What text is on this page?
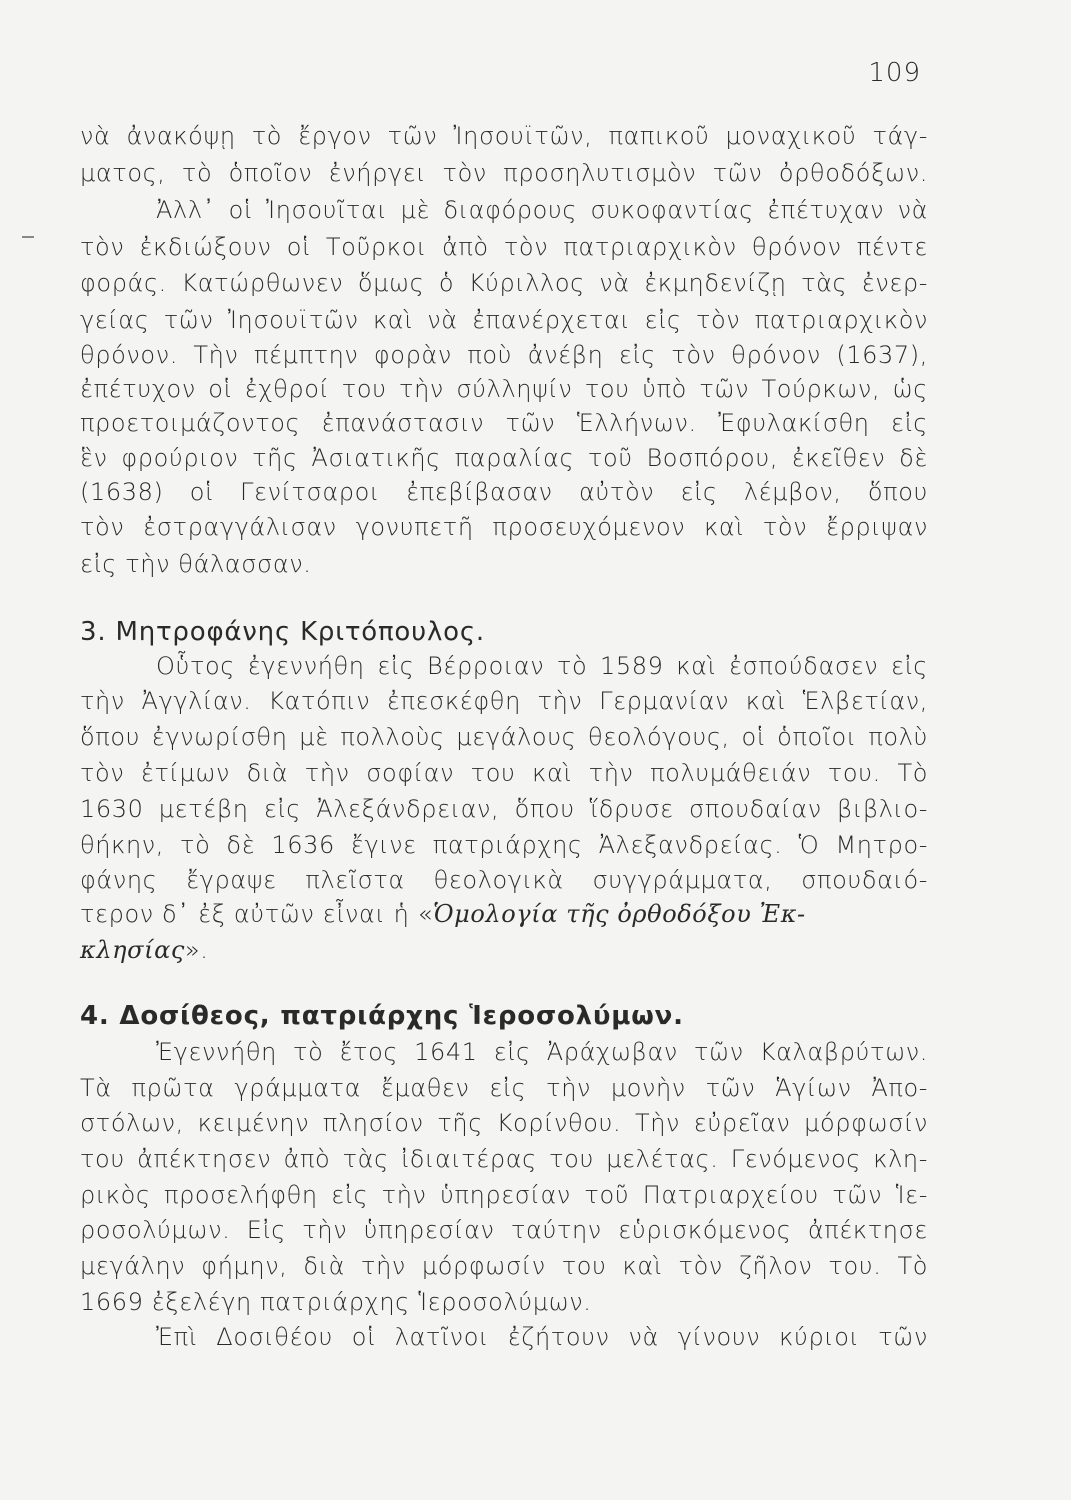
109
νὰ ἀνακόψῃ τὸ ἔργον τῶν Ἰησουϊτῶν, παπικοῦ μοναχικοῦ τάγ-
ματος, τὸ ὁποῖον ἐνήργει τὸν προσηλυτισμὸν τῶν ὀρθοδόξων.
Ἀλλ᾽ οἱ Ἰησουῖται μὲ διαφόρους συκοφαντίας ἐπέτυχαν νὰ
τὸν ἐκδιώξουν οἱ Τοῦρκοι ἀπὸ τὸν πατριαρχικὸν θρόνον πέντε
φοράς. Κατώρθωνεν ὅμως ὁ Κύριλλος νὰ ἐκμηδενίζῃ τὰς ἐνερ-
γείας τῶν Ἰησουϊτῶν καὶ νὰ ἐπανέρχεται εἰς τὸν πατριαρχικὸν
θρόνον. Τὴν πέμπτην φορὰν ποὺ ἀνέβη εἰς τὸν θρόνον (1637),
ἐπέτυχον οἱ ἐχθροί του τὴν σύλληψίν του ὑπὸ τῶν Τούρκων, ὡς
προετοιμάζοντος ἐπανάστασιν τῶν Ἑλλήνων. Ἐφυλακίσθη εἰς
ἓν φρούριον τῆς Ἀσιατικῆς παραλίας τοῦ Βοσπόρου, ἐκεῖθεν δὲ
(1638) οἱ Γενίτσαροι ἐπεβίβασαν αὐτὸν εἰς λέμβον, ὅπου
τὸν ἐστραγγάλισαν γονυπετῆ προσευχόμενον καὶ τὸν ἔρριψαν
εἰς τὴν θάλασσαν.
3. Μητροφάνης Κριτόπουλος.
Οὗτος ἐγεννήθη εἰς Βέρροιαν τὸ 1589 καὶ ἐσπούδασεν εἰς
τὴν Ἀγγλίαν. Κατόπιν ἐπεσκέφθη τὴν Γερμανίαν καὶ Ἑλβετίαν,
ὅπου ἐγνωρίσθη μὲ πολλοὺς μεγάλους θεολόγους, οἱ ὁποῖοι πολὺ
τὸν ἐτίμων διὰ τὴν σοφίαν του καὶ τὴν πολυμάθειάν του. Τὸ
1630 μετέβη εἰς Ἀλεξάνδρειαν, ὅπου ἵδρυσε σπουδαίαν βιβλιο-
θήκην, τὸ δὲ 1636 ἔγινε πατριάρχης Ἀλεξανδρείας. Ὁ Μητρο-
φάνης ἔγραψε πλεῖστα θεολογικὰ συγγράμματα, σπουδαιό-
τερον δ᾽ ἐξ αὐτῶν εἶναι ἡ «Ὁμολογία τῆς ὀρθοδόξου Ἐκ-
κλησίας».
4. Δοσίθεος, πατριάρχης Ἱεροσολύμων.
Ἐγεννήθη τὸ ἔτος 1641 εἰς Ἀράχωβαν τῶν Καλαβρύτων.
Τὰ πρῶτα γράμματα ἔμαθεν εἰς τὴν μονὴν τῶν Ἁγίων Ἀπο-
στόλων, κειμένην πλησίον τῆς Κορίνθου. Τὴν εὐρεῖαν μόρφωσίν
του ἀπέκτησεν ἀπὸ τὰς ἰδιαιτέρας του μελέτας. Γενόμενος κλη-
ρικὸς προσελήφθη εἰς τὴν ὑπηρεσίαν τοῦ Πατριαρχείου τῶν Ἱε-
ροσολύμων. Εἰς τὴν ὑπηρεσίαν ταύτην εὑρισκόμενος ἀπέκτησε
μεγάλην φήμην, διὰ τὴν μόρφωσίν του καὶ τὸν ζῆλον του. Τὸ
1669 ἐξελέγη πατριάρχης Ἱεροσολύμων.
Ἐπὶ Δοσιθέου οἱ λατῖνοι ἐζήτουν νὰ γίνουν κύριοι τῶν
